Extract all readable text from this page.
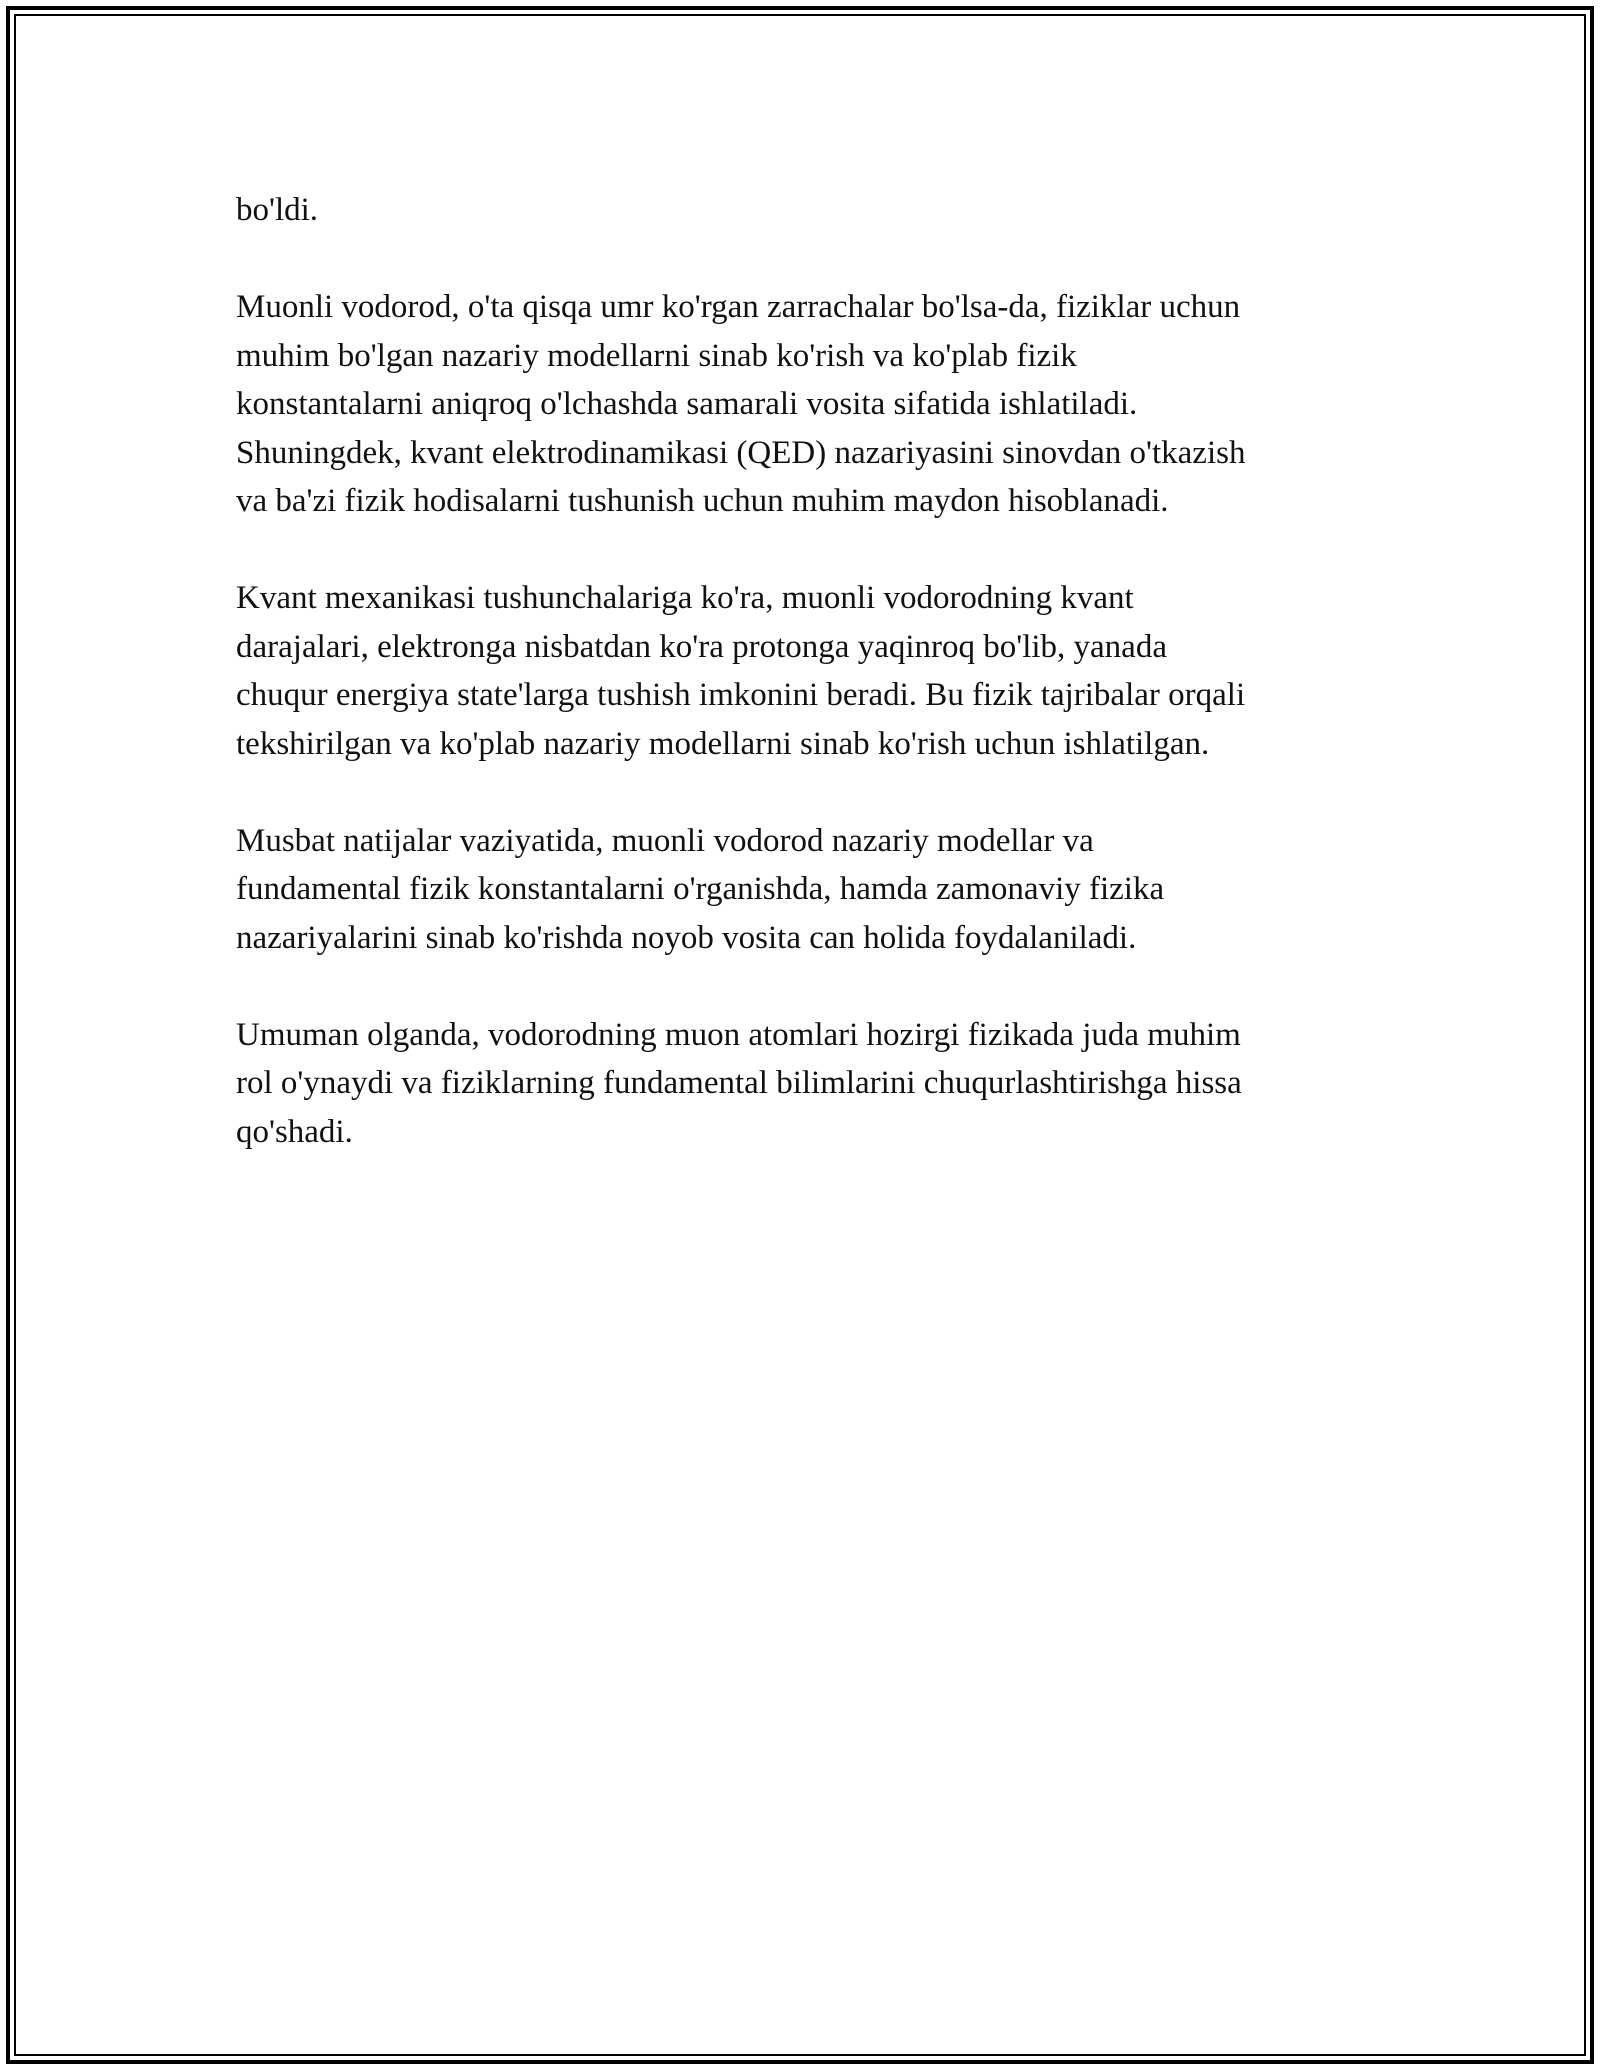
bo'ldi.

Muonli vodorod, o'ta qisqa umr ko'rgan zarrachalar bo'lsa-da, fiziklar uchun
muhim bo'lgan nazariy modellarni sinab ko'rish va ko'plab fizik
konstantalarni aniqroq o'lchashda samarali vosita sifatida ishlatiladi.
Shuningdek, kvant elektrodinamikasi (QED) nazariyasini sinovdan o'tkazish
va ba'zi fizik hodisalarni tushunish uchun muhim maydon hisoblanadi.

Kvant mexanikasi tushunchalariga ko'ra, muonli vodorodning kvant
darajalari, elektronga nisbatdan ko'ra protonga yaqinroq bo'lib, yanada
chuqur energiya state'larga tushish imkonini beradi. Bu fizik tajribalar orqali
tekshirilgan va ko'plab nazariy modellarni sinab ko'rish uchun ishlatilgan.

Musbat natijalar vaziyatida, muonli vodorod nazariy modellar va
fundamental fizik konstantalarni o'rganishda, hamda zamonaviy fizika
nazariyalarini sinab ko'rishda noyob vosita can holida foydalaniladi.

Umuman olganda, vodorodning muon atomlari hozirgi fizikada juda muhim
rol o'ynaydi va fiziklarning fundamental bilimlarini chuqurlashtirishga hissa
qo'shadi.
